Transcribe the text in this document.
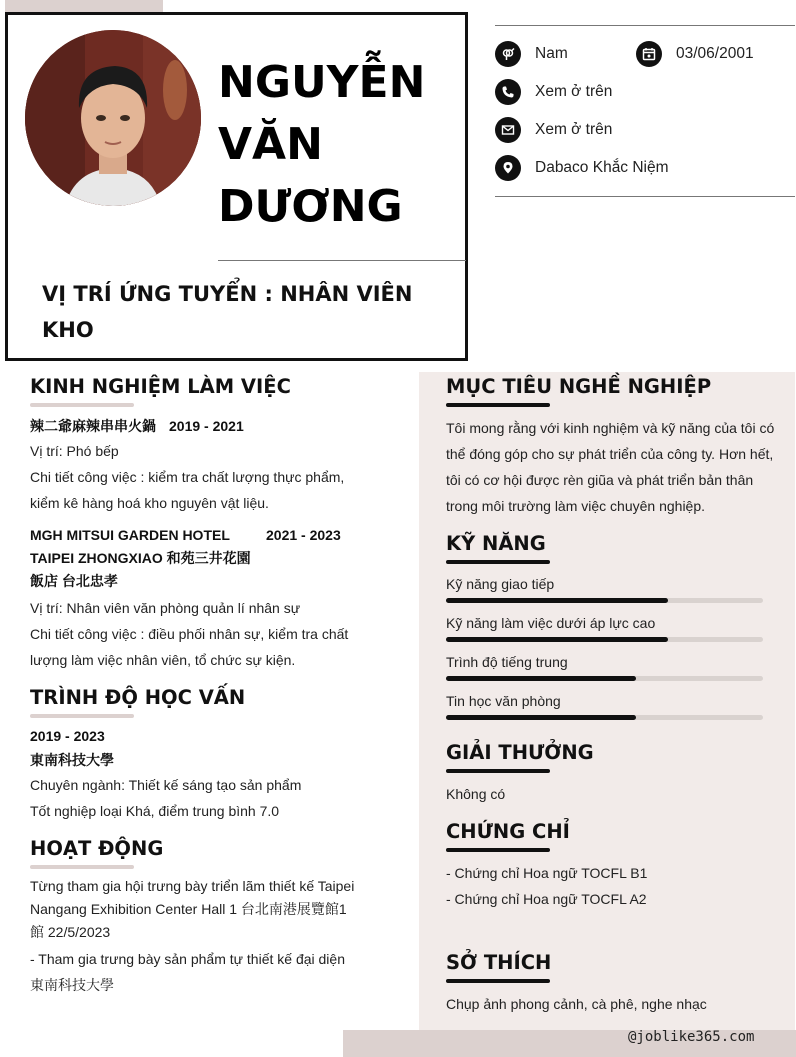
NGUYỄN
VĂN
DƯƠNG
VỊ TRÍ ỨNG TUYỂN : NHÂN VIÊN
KHO
Nam	03/06/2001
Xem ở trên
Xem ở trên
Dabaco Khắc Niệm
KINH NGHIỆM LÀM VIỆC
辣二爺麻辣串串火鍋 2019 - 2021
Vị trí: Phó bếp
Chi tiết công việc : kiểm tra chất lượng thực phẩm,
kiểm kê hàng hoá kho nguyên vật liệu.
MGH MITSUI GARDEN HOTEL	2021 - 2023
TAIPEI ZHONGXIAO 和苑三井花園
飯店 台北忠孝
Vị trí: Nhân viên văn phòng quản lí nhân sự
Chi tiết công việc : điều phối nhân sự, kiểm tra chất
lượng làm việc nhân viên, tổ chức sự kiện.
TRÌNH ĐỘ HỌC VẤN
2019 - 2023
東南科技大學
Chuyên ngành: Thiết kế sáng tạo sản phẩm
Tốt nghiệp loại Khá, điểm trung bình 7.0
HOẠT ĐỘNG
Từng tham gia hội trưng bày triển lãm thiết kế Taipei
Nangang Exhibition Center Hall 1 台北南港展覽館1
館 22/5/2023
- Tham gia trưng bày sản phẩm tự thiết kế đại diện
東南科技大學
MỤC TIÊU NGHỀ NGHIỆP
Tôi mong rằng với kinh nghiệm và kỹ năng của tôi có
thể đóng góp cho sự phát triển của công ty. Hơn hết,
tôi có cơ hội được rèn giũa và phát triển bản thân
trong môi trường làm việc chuyên nghiệp.
KỸ NĂNG
Kỹ năng giao tiếp
Kỹ năng làm việc dưới áp lực cao
Trình độ tiếng trung
Tin học văn phòng
GIẢI THƯỞNG
Không có
CHỨNG CHỈ
- Chứng chỉ Hoa ngữ TOCFL B1
- Chứng chỉ Hoa ngữ TOCFL A2
SỞ THÍCH
Chụp ảnh phong cảnh, cà phê, nghe nhạc
@joblike365.com
